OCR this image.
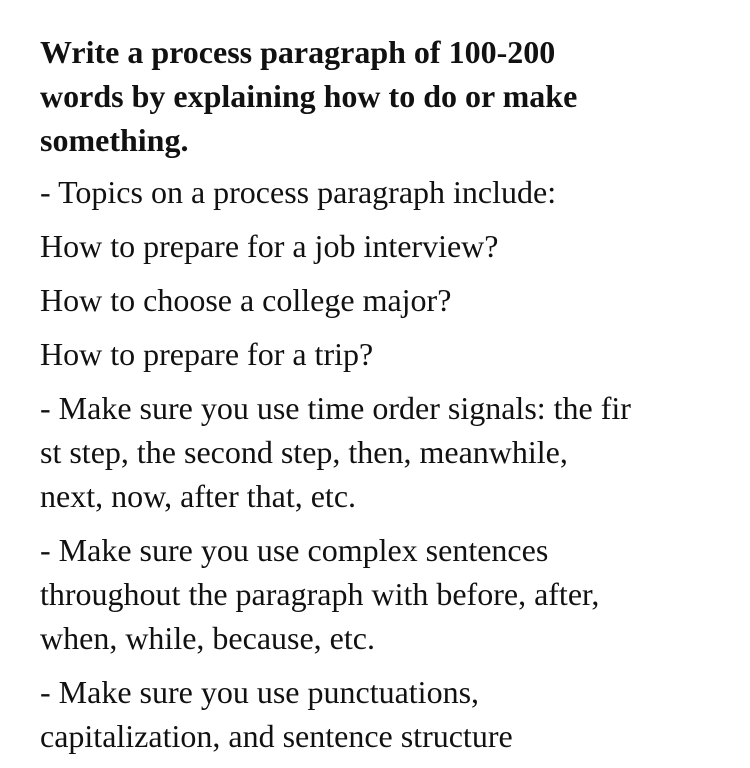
Write a process paragraph of 100-200
words by explaining how to do or make
something.
- Topics on a process paragraph include:
How to prepare for a job interview?
How to choose a college major?
How to prepare for a trip?
- Make sure you use time order signals: the fir
st step, the second step, then, meanwhile,
next, now, after that, etc.
- Make sure you use complex sentences
throughout the paragraph with before, after,
when, while, because, etc.
- Make sure you use punctuations,
capitalization, and sentence structure
